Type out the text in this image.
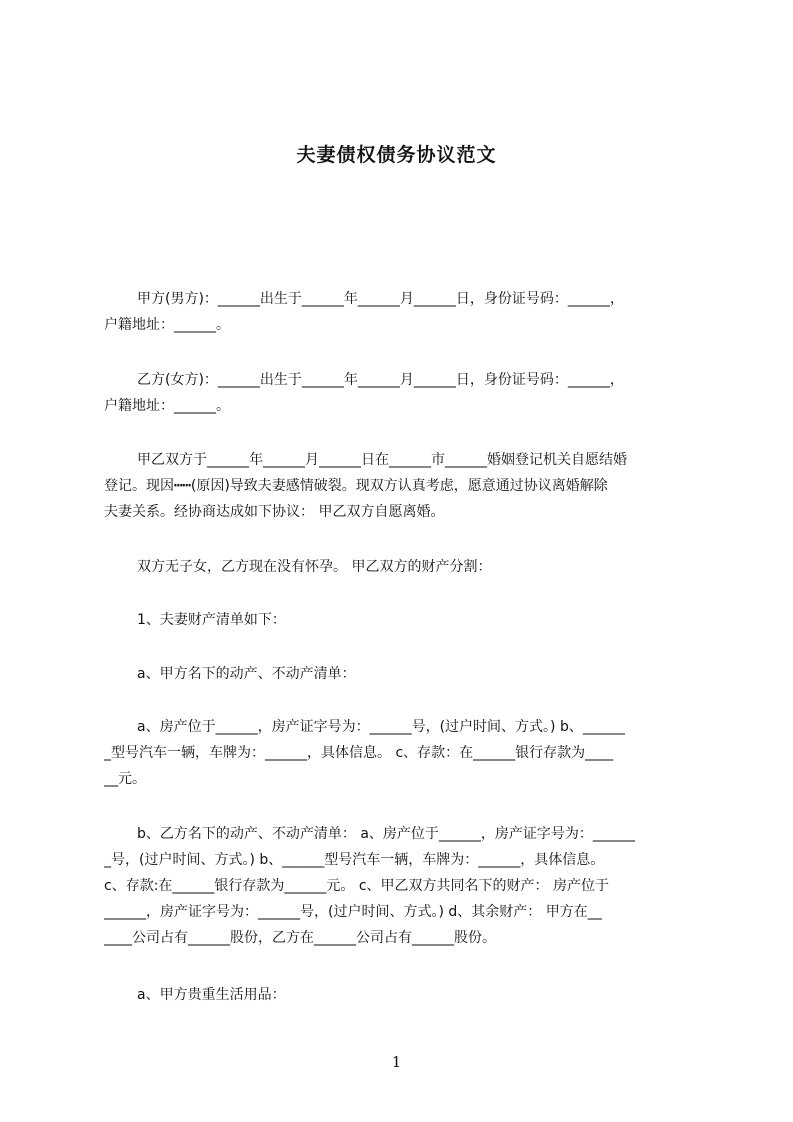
夫妻债权债务协议范文
甲方(男方)：______出生于______年______月______日，身份证号码：______，
户籍地址：______。
乙方(女方)：______出生于______年______月______日，身份证号码：______，
户籍地址：______。
甲乙双方于______年______月______日在______市______婚姻登记机关自愿结婚
登记。现因┅┅(原因)导致夫妻感情破裂。现双方认真考虑，愿意通过协议离婚解除
夫妻关系。经协商达成如下协议： 甲乙双方自愿离婚。
双方无子女，乙方现在没有怀孕。 甲乙双方的财产分割：
1、夫妻财产清单如下：
a、甲方名下的动产、不动产清单：
a、房产位于______，房产证字号为：______号，(过户时间、方式。) b、______
_型号汽车一辆，车牌为：______，具体信息。 c、存款：在______银行存款为____
__元。
b、乙方名下的动产、不动产清单： a、房产位于______，房产证字号为：______
_号，(过户时间、方式。) b、______型号汽车一辆，车牌为：______，具体信息。
c、存款:在______银行存款为______元。 c、甲乙双方共同名下的财产： 房产位于
______，房产证字号为：______号，(过户时间、方式。) d、其余财产： 甲方在__
____公司占有______股份，乙方在______公司占有______股份。
a、甲方贵重生活用品：
1
